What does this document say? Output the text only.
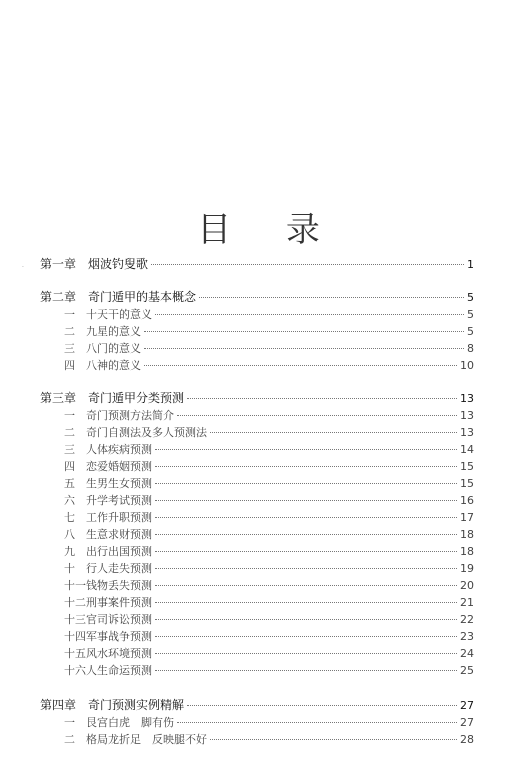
目 录
· 第一章　烟波钓叟歌	1
第二章　奇门遁甲的基本概念	5
一　十天干的意义	5
二　九星的意义	5
三　八门的意义	8
四　八神的意义	10
第三章　奇门遁甲分类预测	13
一　奇门预测方法简介	13
二　奇门自测法及多人预测法	13
三　人体疾病预测	14
四　恋爱婚姻预测	15
五　生男生女预测	15
六　升学考试预测	16
七　工作升职预测	17
八　生意求财预测	18
九　出行出国预测	18
十　行人走失预测	19
十一钱物丢失预测	20
十二刑事案件预测	21
十三官司诉讼预测	22
十四军事战争预测	23
十五风水环境预测	24
十六人生命运预测	25
第四章　奇门预测实例精解	27
一　艮宫白虎　脚有伤	27
二　格局龙折足　反映腿不好	28
